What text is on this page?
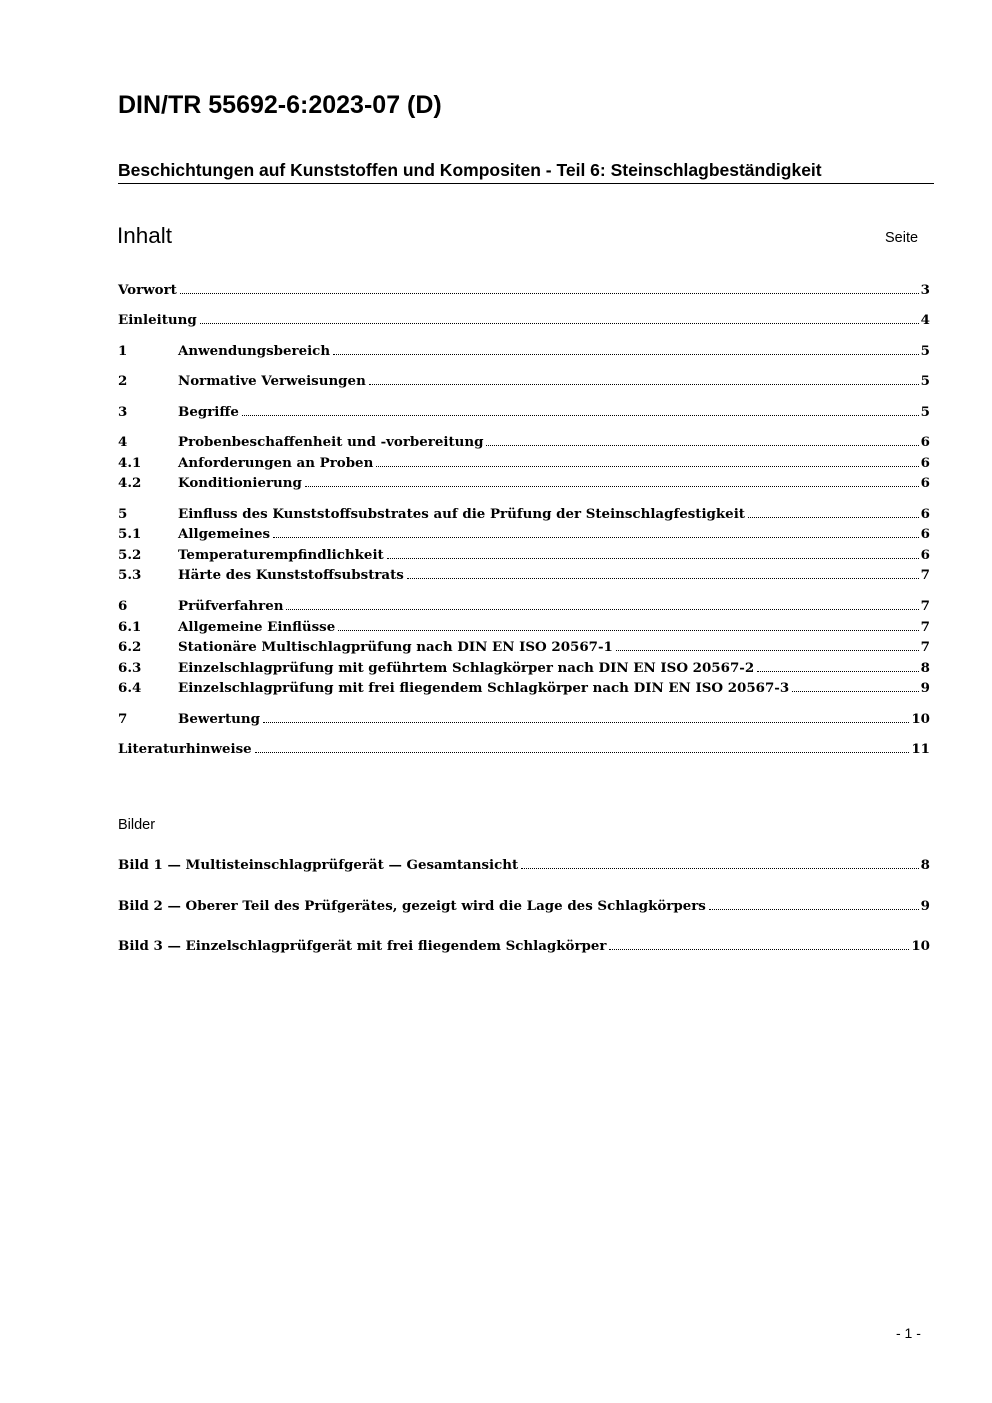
DIN/TR 55692-6:2023-07 (D)
Beschichtungen auf Kunststoffen und Kompositen - Teil 6: Steinschlagbeständigkeit
Inhalt	Seite
Vorwort	3
Einleitung	4
1	Anwendungsbereich	5
2	Normative Verweisungen	5
3	Begriffe	5
4	Probenbeschaffenheit und -vorbereitung	6
4.1	Anforderungen an Proben	6
4.2	Konditionierung	6
5	Einfluss des Kunststoffsubstrates auf die Prüfung der Steinschlagfestigkeit	6
5.1	Allgemeines	6
5.2	Temperaturempfindlichkeit	6
5.3	Härte des Kunststoffsubstrats	7
6	Prüfverfahren	7
6.1	Allgemeine Einflüsse	7
6.2	Stationäre Multischlagprüfung nach DIN EN ISO 20567-1	7
6.3	Einzelschlagprüfung mit geführtem Schlagkörper nach DIN EN ISO 20567-2	8
6.4	Einzelschlagprüfung mit frei fliegendem Schlagkörper nach DIN EN ISO 20567-3	9
7	Bewertung	10
Literaturhinweise	11
Bilder
Bild 1 — Multisteinschlagprüfgerät — Gesamtansicht	8
Bild 2 — Oberer Teil des Prüfgerätes, gezeigt wird die Lage des Schlagkörpers	9
Bild 3 — Einzelschlagprüfgerät mit frei fliegendem Schlagkörper	10
- 1 -
